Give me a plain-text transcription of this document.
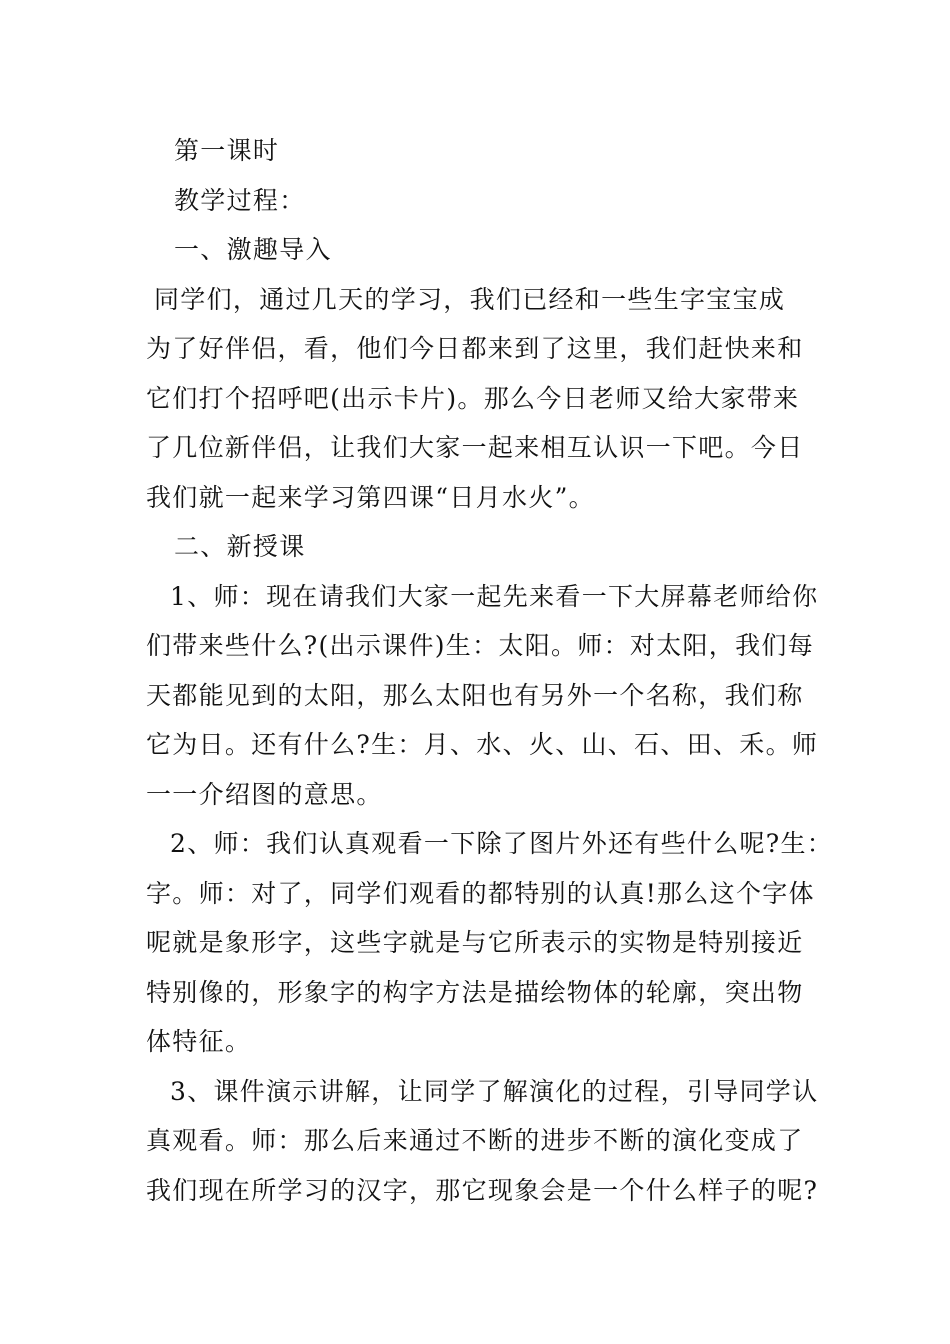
第一课时
教学过程：
一、激趣导入
同学们，通过几天的学习，我们已经和一些生字宝宝成
为了好伴侣，看，他们今日都来到了这里，我们赶快来和
它们打个招呼吧(出示卡片)。那么今日老师又给大家带来
了几位新伴侣，让我们大家一起来相互认识一下吧。今日
我们就一起来学习第四课“日月水火”。
二、新授课
1、师：现在请我们大家一起先来看一下大屏幕老师给你
们带来些什么?(出示课件)生：太阳。师：对太阳，我们每
天都能见到的太阳，那么太阳也有另外一个名称，我们称
它为日。还有什么?生：月、水、火、山、石、田、禾。师
一一介绍图的意思。
2、师：我们认真观看一下除了图片外还有些什么呢?生：
字。师：对了，同学们观看的都特别的认真!那么这个字体
呢就是象形字，这些字就是与它所表示的实物是特别接近
特别像的，形象字的构字方法是描绘物体的轮廓，突出物
体特征。
3、课件演示讲解，让同学了解演化的过程，引导同学认
真观看。师：那么后来通过不断的进步不断的演化变成了
我们现在所学习的汉字，那它现象会是一个什么样子的呢?
